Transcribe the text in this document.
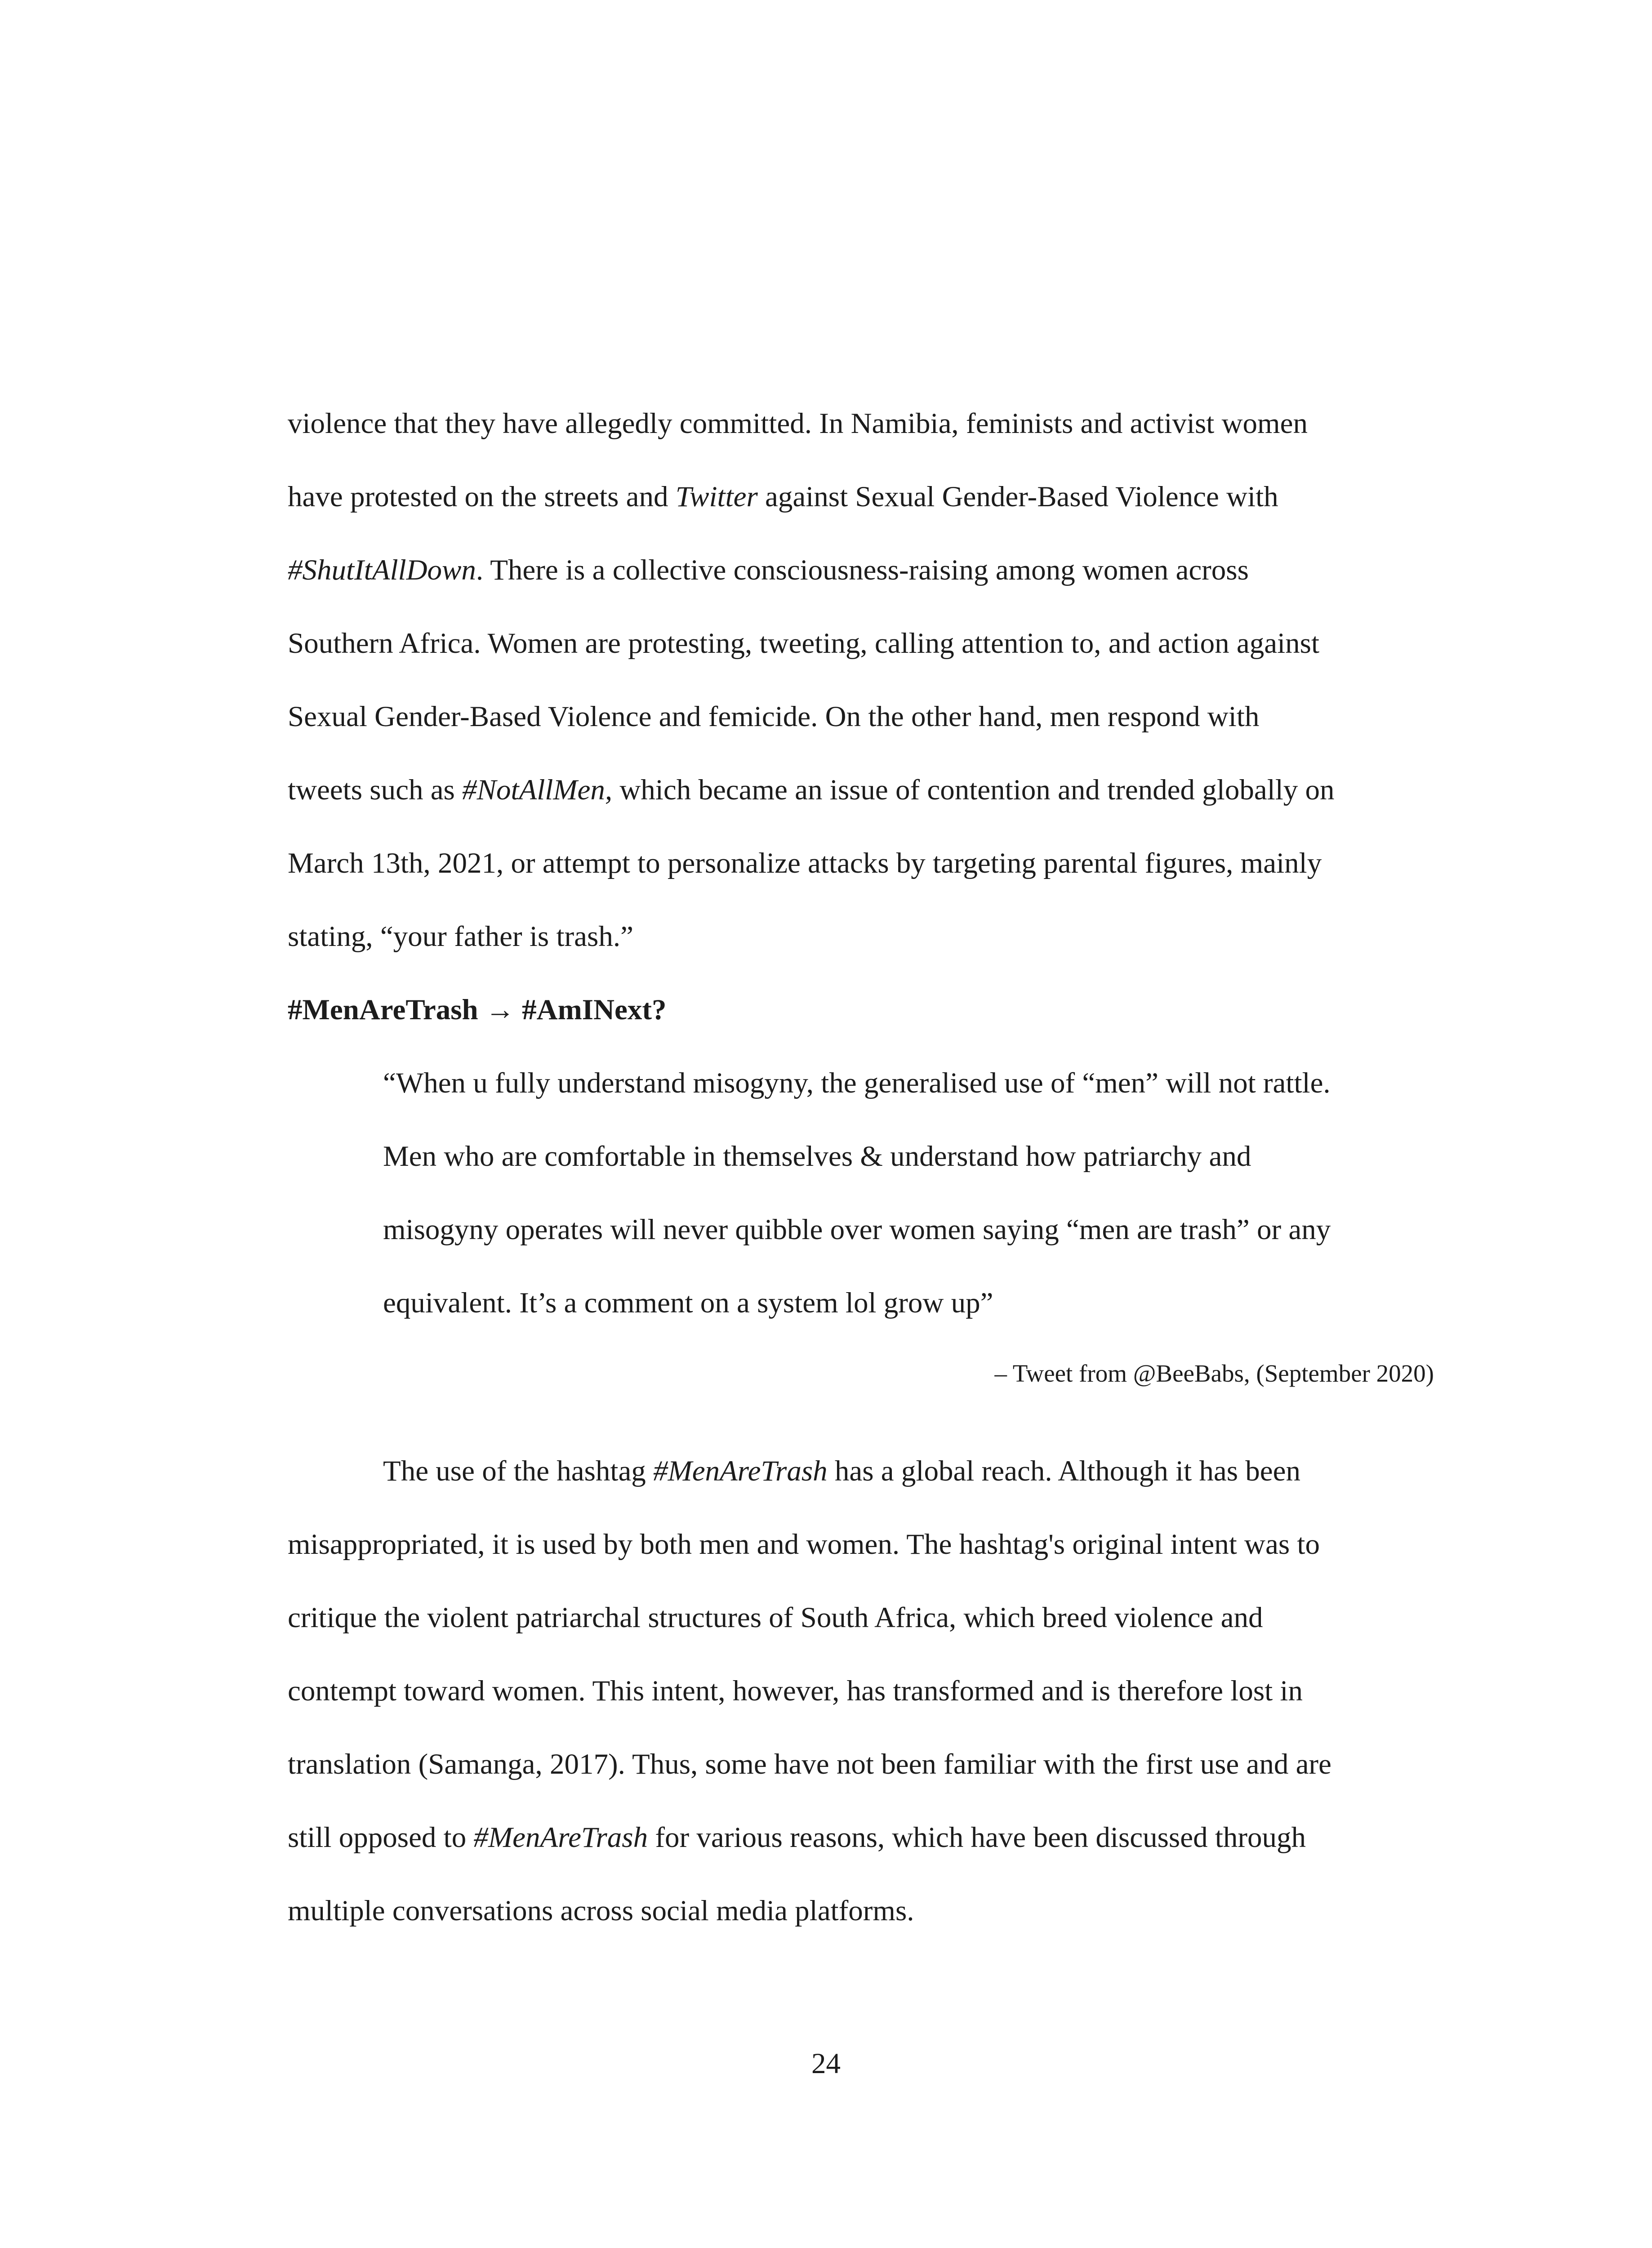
violence that they have allegedly committed. In Namibia, feminists and activist women
have protested on the streets and Twitter against Sexual Gender-Based Violence with
#ShutItAllDown. There is a collective consciousness-raising among women across
Southern Africa. Women are protesting, tweeting, calling attention to, and action against
Sexual Gender-Based Violence and femicide. On the other hand, men respond with
tweets such as #NotAllMen, which became an issue of contention and trended globally on
March 13th, 2021, or attempt to personalize attacks by targeting parental figures, mainly
stating, “your father is trash.”
#MenAreTrash → #AmINext?
“When u fully understand misogyny, the generalised use of “men” will not rattle.
Men who are comfortable in themselves & understand how patriarchy and
misogyny operates will never quibble over women saying “men are trash” or any
equivalent. It’s a comment on a system lol grow up”
– Tweet from @BeeBabs, (September 2020)
The use of the hashtag #MenAreTrash has a global reach. Although it has been
misappropriated, it is used by both men and women. The hashtag's original intent was to
critique the violent patriarchal structures of South Africa, which breed violence and
contempt toward women. This intent, however, has transformed and is therefore lost in
translation (Samanga, 2017). Thus, some have not been familiar with the first use and are
still opposed to #MenAreTrash for various reasons, which have been discussed through
multiple conversations across social media platforms.
24
